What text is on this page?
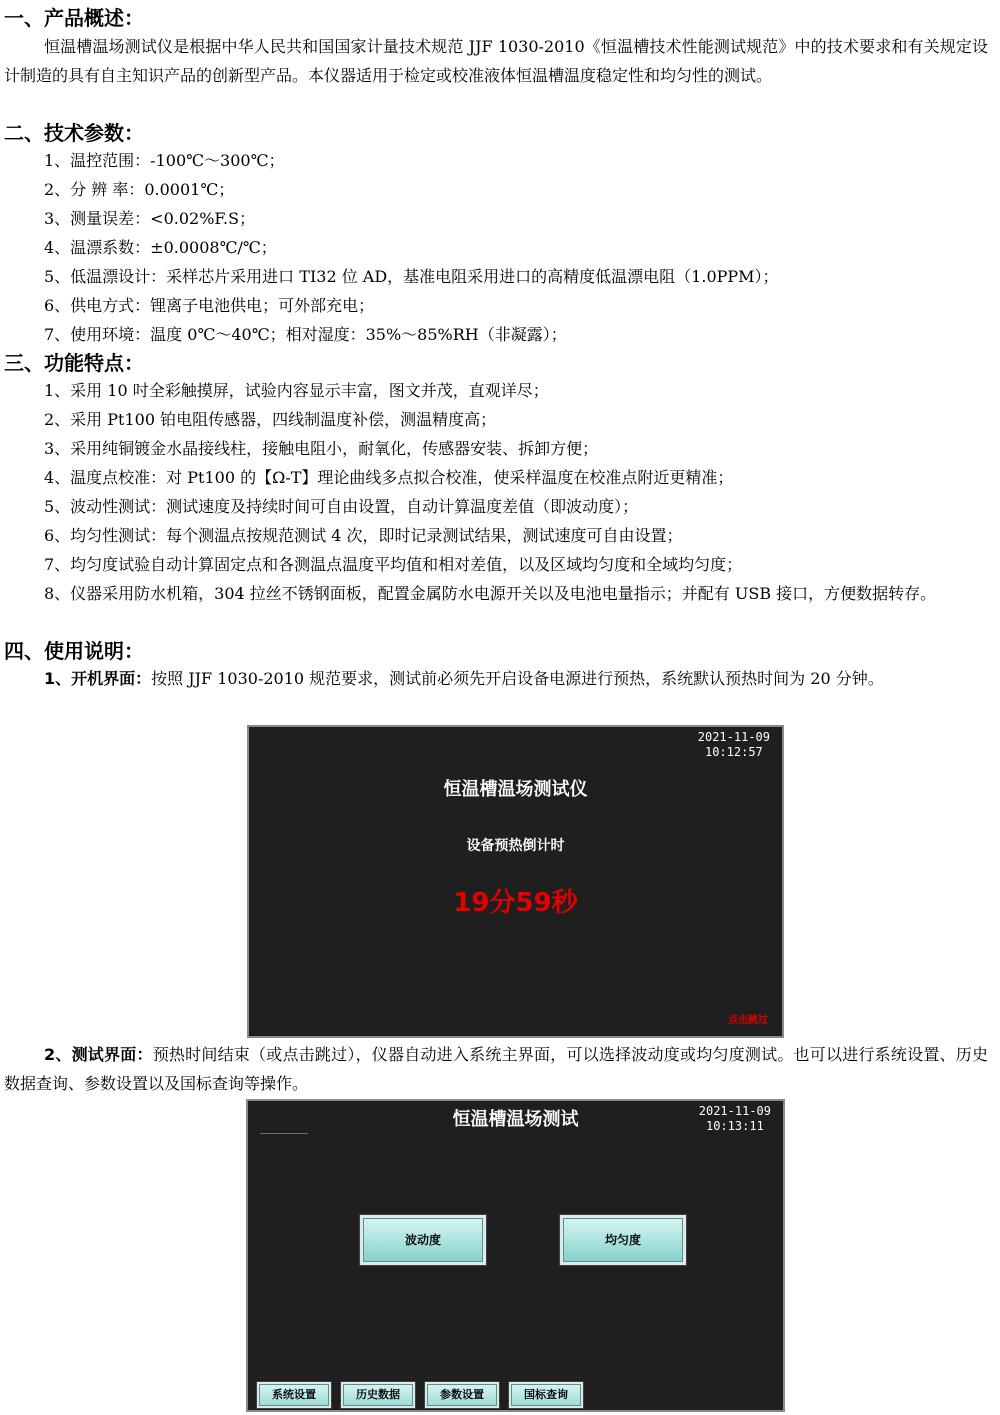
一、产品概述：
恒温槽温场测试仪是根据中华人民共和国国家计量技术规范 JJF 1030-2010《恒温槽技术性能测试规范》中的技术要求和有关规定设计制造的具有自主知识产品的创新型产品。本仪器适用于检定或校准液体恒温槽温度稳定性和均匀性的测试。
二、技术参数：
1、温控范围：-100℃～300℃；
2、分 辨 率：0.0001℃；
3、测量误差：<0.02%F.S；
4、温漂系数：±0.0008℃/℃；
5、低温漂设计：采样芯片采用进口 TI32 位 AD，基准电阻采用进口的高精度低温漂电阻（1.0PPM）；
6、供电方式：锂离子电池供电；可外部充电；
7、使用环境：温度 0℃～40℃；相对湿度：35%～85%RH（非凝露）；
三、功能特点：
1、采用 10 吋全彩触摸屏，试验内容显示丰富，图文并茂，直观详尽；
2、采用 Pt100 铂电阻传感器，四线制温度补偿，测温精度高；
3、采用纯铜镀金水晶接线柱，接触电阻小，耐氧化，传感器安装、拆卸方便；
4、温度点校准：对 Pt100 的【Ω-T】理论曲线多点拟合校准，使采样温度在校准点附近更精准；
5、波动性测试：测试速度及持续时间可自由设置，自动计算温度差值（即波动度）；
6、均匀性测试：每个测温点按规范测试 4 次，即时记录测试结果，测试速度可自由设置；
7、均匀度试验自动计算固定点和各测温点温度平均值和相对差值，以及区域均匀度和全域均匀度；
8、仪器采用防水机箱，304 拉丝不锈钢面板，配置金属防水电源开关以及电池电量指示；并配有 USB 接口，方便数据转存。
四、使用说明：
1、开机界面：按照 JJF 1030-2010 规范要求，测试前必须先开启设备电源进行预热，系统默认预热时间为 20 分钟。
2021-11-09
10:12:57
恒温槽温场测试仪
设备预热倒计时
19分59秒
点击跳过
2、测试界面：预热时间结束（或点击跳过），仪器自动进入系统主界面，可以选择波动度或均匀度测试。也可以进行系统设置、历史数据查询、参数设置以及国标查询等操作。
恒温槽温场测试	2021-11-09
10:13:11
波动度	均匀度
系统设置	历史数据	参数设置	国标查询
